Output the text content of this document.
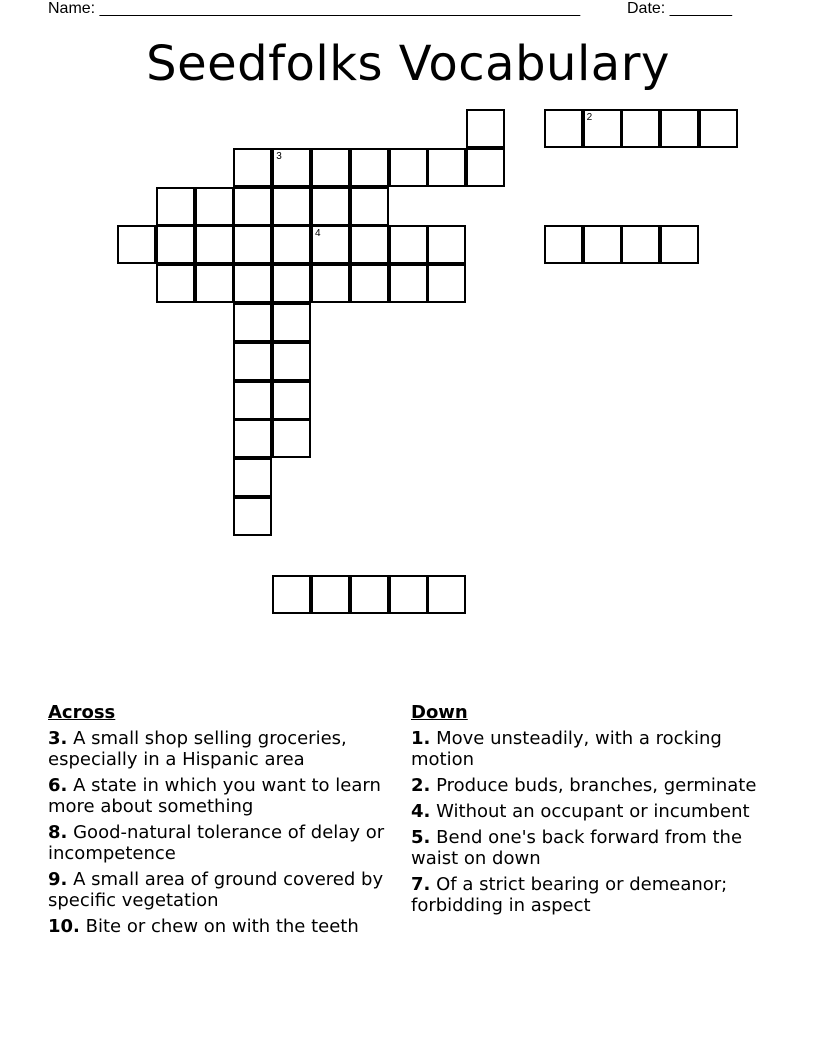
Name: ______________________________________________________	Date: _______
Seedfolks Vocabulary
3
4
2
Across
3. A small shop selling groceries, especially in a Hispanic area
6. A state in which you want to learn more about something
8. Good-natural tolerance of delay or incompetence
9. A small area of ground covered by specific vegetation
10. Bite or chew on with the teeth
Down
1. Move unsteadily, with a rocking motion
2. Produce buds, branches, germinate
4. Without an occupant or incumbent
5. Bend one's back forward from the waist on down
7. Of a strict bearing or demeanor; forbidding in aspect
